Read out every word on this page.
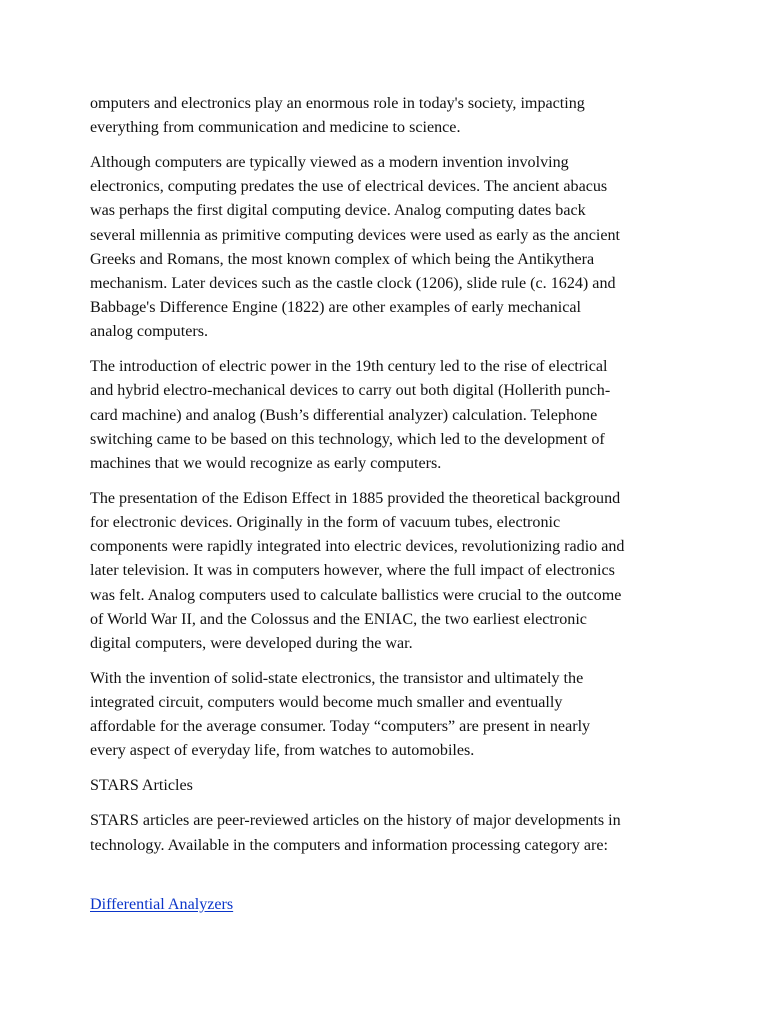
omputers and electronics play an enormous role in today's society, impacting
everything from communication and medicine to science.

Although computers are typically viewed as a modern invention involving
electronics, computing predates the use of electrical devices. The ancient abacus
was perhaps the first digital computing device. Analog computing dates back
several millennia as primitive computing devices were used as early as the ancient
Greeks and Romans, the most known complex of which being the Antikythera
mechanism. Later devices such as the castle clock (1206), slide rule (c. 1624) and
Babbage's Difference Engine (1822) are other examples of early mechanical
analog computers.

The introduction of electric power in the 19th century led to the rise of electrical
and hybrid electro-mechanical devices to carry out both digital (Hollerith punch-
card machine) and analog (Bush’s differential analyzer) calculation. Telephone
switching came to be based on this technology, which led to the development of
machines that we would recognize as early computers.

The presentation of the Edison Effect in 1885 provided the theoretical background
for electronic devices. Originally in the form of vacuum tubes, electronic
components were rapidly integrated into electric devices, revolutionizing radio and
later television. It was in computers however, where the full impact of electronics
was felt. Analog computers used to calculate ballistics were crucial to the outcome
of World War II, and the Colossus and the ENIAC, the two earliest electronic
digital computers, were developed during the war.

With the invention of solid-state electronics, the transistor and ultimately the
integrated circuit, computers would become much smaller and eventually
affordable for the average consumer. Today “computers” are present in nearly
every aspect of everyday life, from watches to automobiles.

STARS Articles

STARS articles are peer-reviewed articles on the history of major developments in
technology. Available in the computers and information processing category are:

Differential Analyzers
